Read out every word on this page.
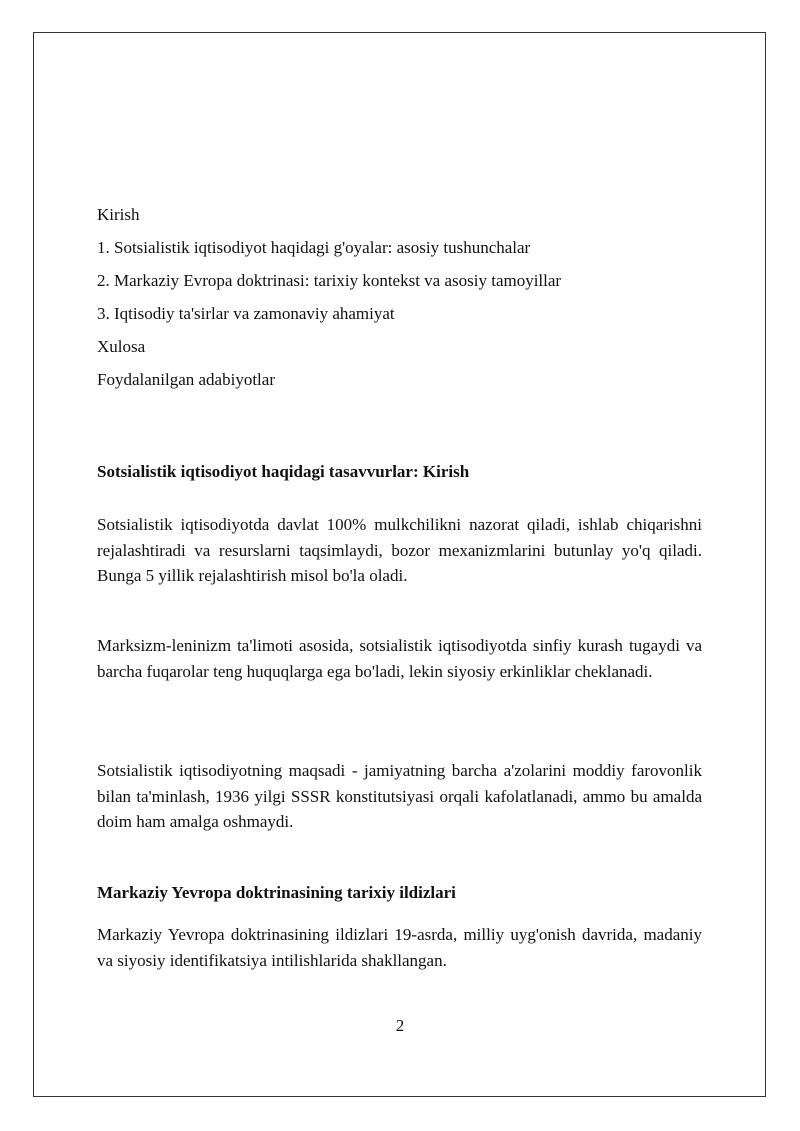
Kirish
1. Sotsialistik iqtisodiyot haqidagi g'oyalar: asosiy tushunchalar
2. Markaziy Evropa doktrinasi: tarixiy kontekst va asosiy tamoyillar
3. Iqtisodiy ta'sirlar va zamonaviy ahamiyat
Xulosa
Foydalanilgan adabiyotlar
Sotsialistik iqtisodiyot haqidagi tasavvurlar: Kirish
Sotsialistik iqtisodiyotda davlat 100% mulkchilikni nazorat qiladi, ishlab chiqarishni rejalashtiradi va resurslarni taqsimlaydi, bozor mexanizmlarini butunlay yo'q qiladi. Bunga 5 yillik rejalashtirish misol bo'la oladi.
Marksizm-leninizm ta'limoti asosida, sotsialistik iqtisodiyotda sinfiy kurash tugaydi va barcha fuqarolar teng huquqlarga ega bo'ladi, lekin siyosiy erkinliklar cheklanadi.
Sotsialistik iqtisodiyotning maqsadi - jamiyatning barcha a'zolarini moddiy farovonlik bilan ta'minlash, 1936 yilgi SSSR konstitutsiyasi orqali kafolatlanadi, ammo bu amalda doim ham amalga oshmaydi.
Markaziy Yevropa doktrinasining tarixiy ildizlari
Markaziy Yevropa doktrinasining ildizlari 19-asrda, milliy uyg'onish davrida, madaniy va siyosiy identifikatsiya intilishlarida shakllangan.
2
